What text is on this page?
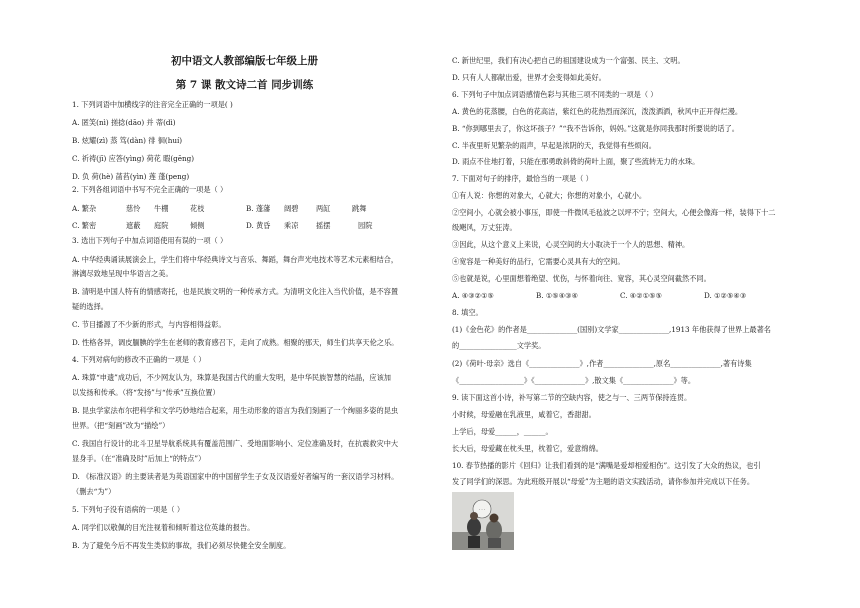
初中语文人教部编版七年级上册
第 7 课 散文诗二首 同步训练
1. 下列词语中加横线字的注音完全正确的一项是( )
A. 匿笑(nì) 搓捻(dāo) 并 蒂(dì)
B. 炫耀(zì) 蒸 笃(dàn) 徘 徊(huí)
C. 祈祷(jī) 应答(yìng) 荷花 暇(gēng)
D. 负 荷(hè) 菡萏(yìn) 莲 蓬(peng)
2. 下列各组词语中书写不完全正确的一项是（ ）
A. 繁杂	慈怜 牛棚	花枝	B. 蓬藩 阔碧 两缸	跳舞
C. 繁密	遮蔽 庭院	倾侧	D. 黄昏 乘凉 摇摆	园院
3. 选出下列句子中加点词语使用有误的一项（ ）
A. 中华经典诵读展演会上，学生们将中华经典诗文与音乐、舞蹈，舞台声光电技术等艺术元素相结合，
淋漓尽致地呈现中华语言之美。
B. 清明是中国人特有的情感寄托，也是民族文明的一种传承方式。为清明文化注入当代价值，是不容置
疑的选择。
C. 节目播源了不少新的形式，与内容相得益彰。
D. 性格各异，调皮腼腆的学生在老师的教育感召下，走向了成熟。相聚的那天，师生们共享天伦之乐。
4. 下列对病句的修改不正确的一项是（ ）
A. 珠算“申遗”成功后，不少网友认为，珠算是我国古代的重大发明，是中华民族智慧的结晶，应该加
以发扬和传承。（将“发扬”与“传承”互换位置）
B. 昆虫学家法布尔把科学和文学巧妙地结合起来，用生动形象的语言为我们刻画了一个绚丽多姿的昆虫
世界。（把“刻画”改为“描绘”）
C. 我国自行设计的北斗卫星导航系统具有覆盖范围广、受地面影响小、定位准确及时，在抗震救灾中大
显身手。（在“准确及时”后加上“的特点”）
D. 《标准汉语》的主要读者是为英语国家中的中国留学生子女及汉语爱好者编写的一套汉语学习材料。
（删去“为”）
5. 下列句子没有语病的一项是（ ）
A. 同学们以敬佩的目光注视着和倾听着这位英雄的报告。
B. 为了避免今后不再发生类似的事故，我们必须尽快健全安全制度。
C. 新世纪里，我们有决心把自己的祖国建设成为一个富强、民主、文明。
D. 只有人人都献出爱，世界才会变得如此美好。
6. 下列句子中加点词语感情色彩与其他三项不同类的一项是（ ）
A. 黄色的花蒸腰，白色的花高洁，紫红色的花热烈而深沉，泼泼洒洒，秋风中正开得烂漫。
B. “你到哪里去了，你这坏孩子？”“我不告诉你，妈妈。”这就是你同我那时所要说的话了。
C. 半夜里听见繁杂的雨声，早起是浓阴的天，我觉得有些烦闷。
D. 雨点不住地打着，只能在那勇敢斜倚的荷叶上面，聚了些流转无力的水珠。
7. 下面对句子的排序，最恰当的一项是（ ）
①有人说：你想的对象大，心就大；你想的对象小，心就小。
②空间小，心就会被小事压，即使一件微风毛毡波之以坪不宁；空间大，心便会像海一样，装得下十二
级飓风，万丈狂涛。
③因此，从这个意义上来说，心灵空间的大小取决于一个人的思想、精神。
④宽容是一种美好的品行，它需要心灵具有大的空间。
⑤也就是说，心里面想着绝望、忧伤，与怀着向往、宽容，其心灵空间截然不同。
A. ④③②①⑤	B. ①⑤④③④	C. ④②①⑤⑤	D. ①②⑤④③
8. 填空。
(1)《金色花》的作者是______________(国别)文学家______________,1913 年他获得了世界上最著名
的________________文学奖。
(2)《荷叶·母亲》选自《______________》,作者______________,原名______________,著有诗集
《__________________》《______________》,散文集《______________》等。
9. 读下面这首小诗，补写第二节的空缺内容，使之与一、三两节保持连贯。
小时候，母爱融在乳液里，咸着它，香甜甜。
上学后，母爱______，______。
长大后，母爱藏在枕头里，枕着它，爱意绵绵。
10. 春节热播的影片《回归》让我们看到的是“满嘴是爱却相爱相伤”。这引发了大众的热议，也引
发了同学们的深思。为此班级开展以“母爱”为主题的语文实践活动，请你参加并完成以下任务。
· · ·
